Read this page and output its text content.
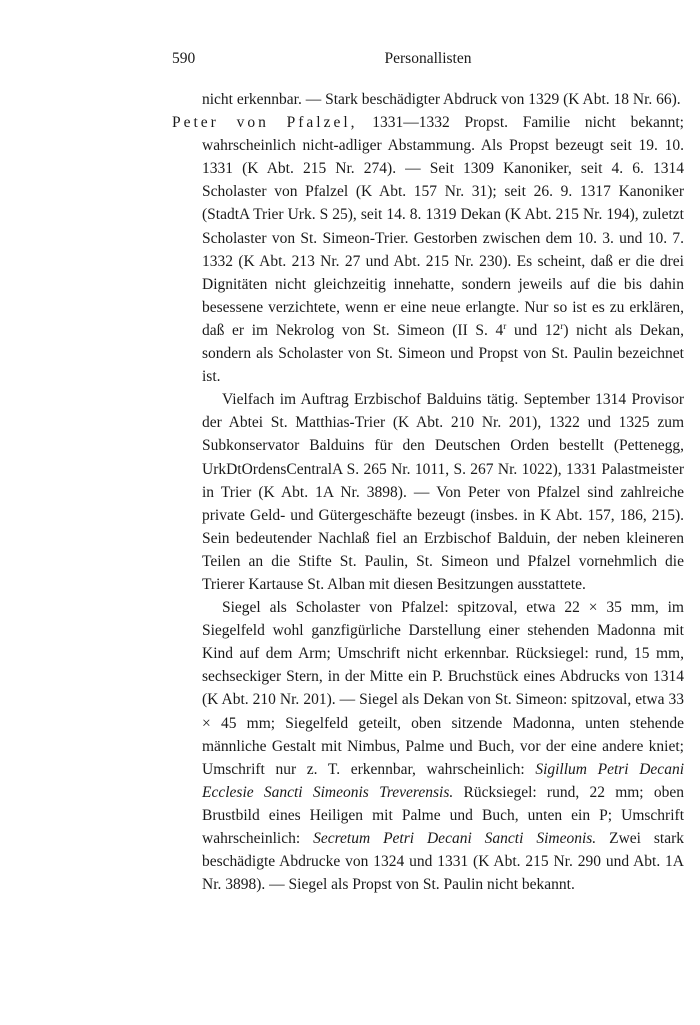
590	Personallisten

nicht erkennbar. — Stark beschädigter Abdruck von 1329 (K Abt. 18 Nr. 66).

Peter von Pfalzel, 1331—1332 Propst. Familie nicht bekannt; wahrscheinlich nicht-adliger Abstammung. Als Propst bezeugt seit 19. 10. 1331 (K Abt. 215 Nr. 274). — Seit 1309 Kanoniker, seit 4. 6. 1314 Scholaster von Pfalzel (K Abt. 157 Nr. 31); seit 26. 9. 1317 Kanoniker (StadtA Trier Urk. S 25), seit 14. 8. 1319 Dekan (K Abt. 215 Nr. 194), zuletzt Scholaster von St. Simeon-Trier. Gestorben zwischen dem 10. 3. und 10. 7. 1332 (K Abt. 213 Nr. 27 und Abt. 215 Nr. 230). Es scheint, daß er die drei Dignitäten nicht gleichzeitig innehatte, sondern jeweils auf die bis dahin besessene verzichtete, wenn er eine neue erlangte. Nur so ist es zu erklären, daß er im Nekrolog von St. Simeon (II S. 4$^r$ und 12$^r$) nicht als Dekan, sondern als Scholaster von St. Simeon und Propst von St. Paulin bezeichnet ist.

Vielfach im Auftrag Erzbischof Balduins tätig. September 1314 Provisor der Abtei St. Matthias-Trier (K Abt. 210 Nr. 201), 1322 und 1325 zum Subkonservator Balduins für den Deutschen Orden bestellt (Pettenegg, UrkDtOrdensCentralA S. 265 Nr. 1011, S. 267 Nr. 1022), 1331 Palastmeister in Trier (K Abt. 1A Nr. 3898). — Von Peter von Pfalzel sind zahlreiche private Geld- und Gütergeschäfte bezeugt (insbes. in K Abt. 157, 186, 215). Sein bedeutender Nachlaß fiel an Erzbischof Balduin, der neben kleineren Teilen an die Stifte St. Paulin, St. Simeon und Pfalzel vornehmlich die Trierer Kartause St. Alban mit diesen Besitzungen ausstattete.

Siegel als Scholaster von Pfalzel: spitzoval, etwa 22 × 35 mm, im Siegelfeld wohl ganzfigürliche Darstellung einer stehenden Madonna mit Kind auf dem Arm; Umschrift nicht erkennbar. Rücksiegel: rund, 15 mm, sechseckiger Stern, in der Mitte ein P. Bruchstück eines Abdrucks von 1314 (K Abt. 210 Nr. 201). — Siegel als Dekan von St. Simeon: spitzoval, etwa 33 × 45 mm; Siegelfeld geteilt, oben sitzende Madonna, unten stehende männliche Gestalt mit Nimbus, Palme und Buch, vor der eine andere kniet; Umschrift nur z. T. erkennbar, wahrscheinlich: Sigillum Petri Decani Ecclesie Sancti Simeonis Treverensis. Rücksiegel: rund, 22 mm; oben Brustbild eines Heiligen mit Palme und Buch, unten ein P; Umschrift wahrscheinlich: Secretum Petri Decani Sancti Simeonis. Zwei stark beschädigte Abdrucke von 1324 und 1331 (K Abt. 215 Nr. 290 und Abt. 1A Nr. 3898). — Siegel als Propst von St. Paulin nicht bekannt.
